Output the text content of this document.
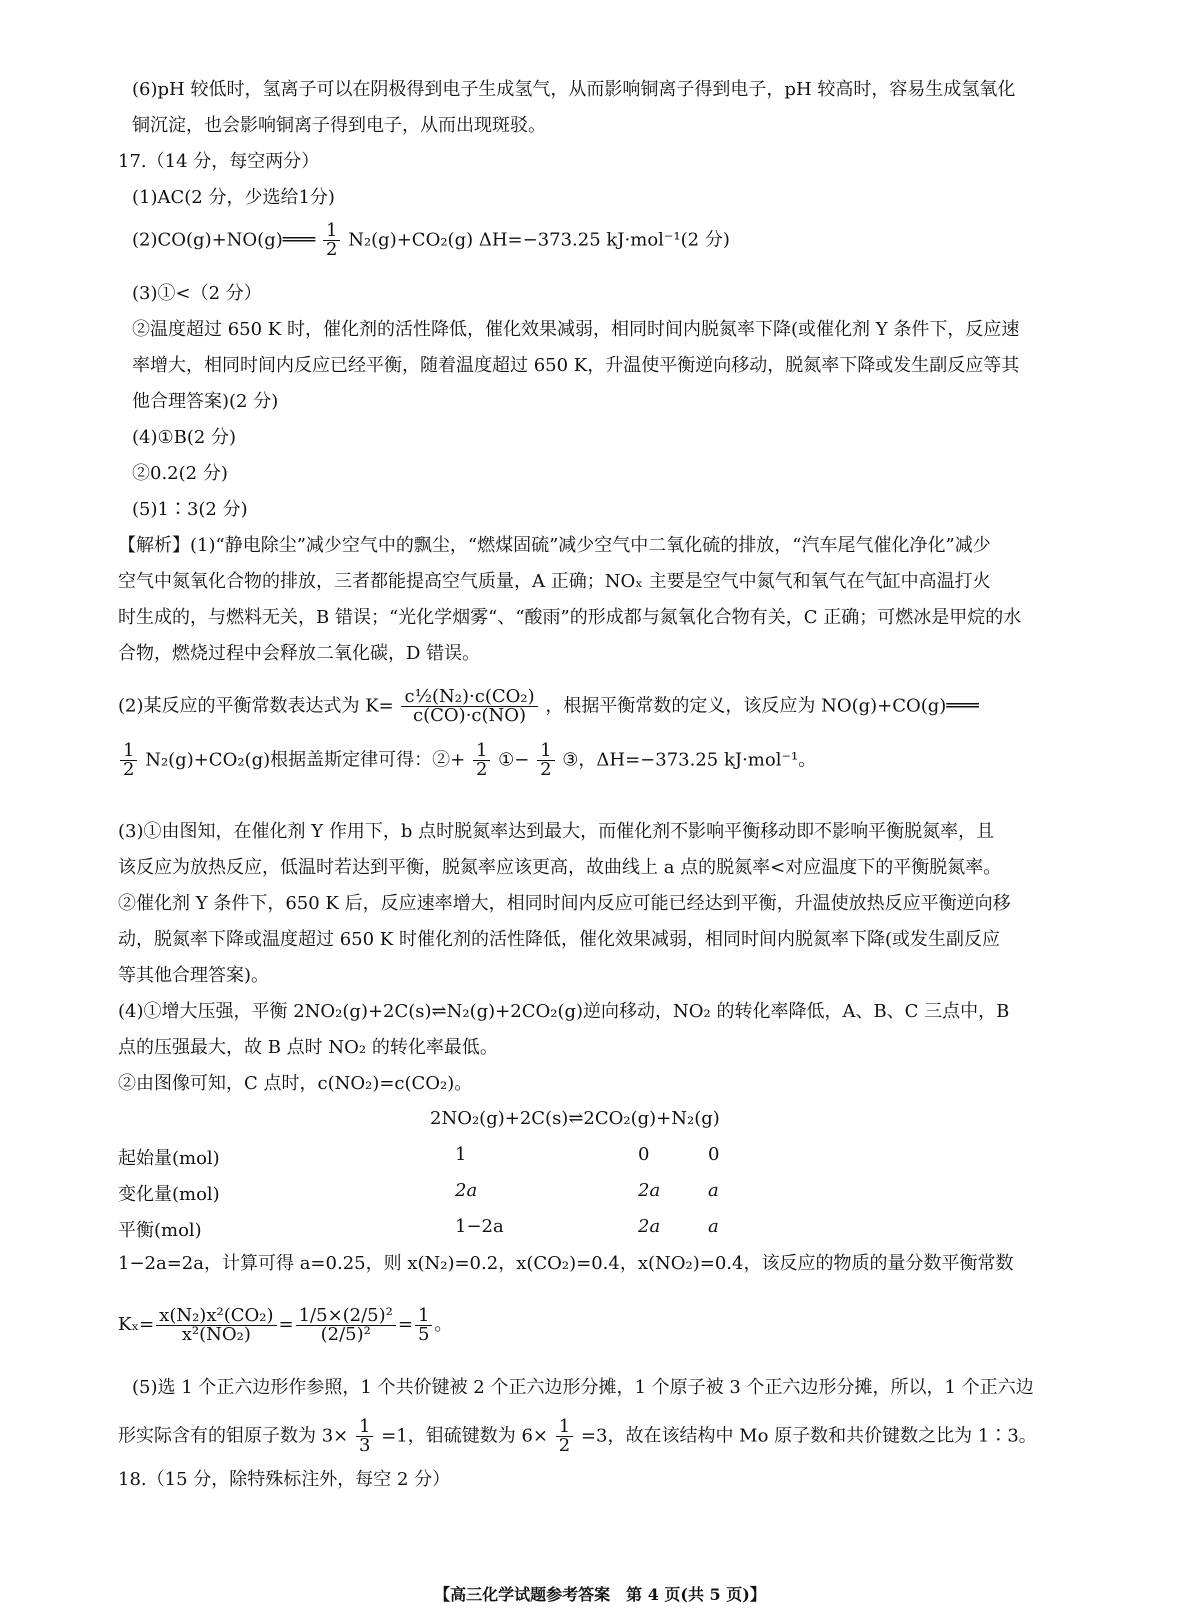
(6)pH 较低时，氢离子可以在阴极得到电子生成氢气，从而影响铜离子得到电子，pH 较高时，容易生成氢氧化
铜沉淀，也会影响铜离子得到电子，从而出现斑驳。
17.（14 分，每空两分）
(1)AC(2 分，少选给1分)
(2)CO(g)+NO(g)═══ $\frac{1}{2} N_2(g)+CO_2(g)$ ΔH=−373.25 kJ·mol⁻¹(2 分)
(3)①<（2 分）
②温度超过 650 K 时，催化剂的活性降低，催化效果减弱，相同时间内脱氮率下降(或催化剂 Y 条件下，反应速
率增大，相同时间内反应已经平衡，随着温度超过 650 K，升温使平衡逆向移动，脱氮率下降或发生副反应等其
他合理答案)(2 分)
(4)①B(2 分)
②0.2(2 分)
(5)1∶3(2 分)
【解析】(1)“静电除尘”减少空气中的飘尘，“燃煤固硫”减少空气中二氧化硫的排放，“汽车尾气催化净化”减少
空气中氮氧化合物的排放，三者都能提高空气质量，A 正确；NOₓ 主要是空气中氮气和氧气在气缸中高温打火
时生成的，与燃料无关，B 错误；“光化学烟雾“、“酸雨”的形成都与氮氧化合物有关，C 正确；可燃冰是甲烷的水
合物，燃烧过程中会释放二氧化碳，D 错误。
(2)某反应的平衡常数表达式为 $K= \frac{\text{c½(N₂)·c(CO₂)}}{c(CO)\cdot c(NO)}$ ，根据平衡常数的定义，该反应为 NO(g)+CO(g)═══
$\frac{1}{2} N_2(g)+CO_2(g)$根据盖斯定律可得：②+ $\frac{1}{2}$ ①− $\frac{1}{2}$ ③，ΔH=−373.25 kJ·mol⁻¹。
(3)①由图知，在催化剂 Y 作用下，b 点时脱氮率达到最大，而催化剂不影响平衡移动即不影响平衡脱氮率，且
该反应为放热反应，低温时若达到平衡，脱氮率应该更高，故曲线上 a 点的脱氮率<对应温度下的平衡脱氮率。
②催化剂 Y 条件下，650 K 后，反应速率增大，相同时间内反应可能已经达到平衡，升温使放热反应平衡逆向移
动，脱氮率下降或温度超过 650 K 时催化剂的活性降低，催化效果减弱，相同时间内脱氮率下降(或发生副反应
等其他合理答案)。
(4)①增大压强，平衡 2NO₂(g)+2C(s)⇌N₂(g)+2CO₂(g)逆向移动，NO₂ 的转化率降低，A、B、C 三点中，B
点的压强最大，故 B 点时 NO₂ 的转化率最低。
②由图像可知，C 点时，c(NO₂)=c(CO₂)。
2NO₂(g)+2C(s)⇌2CO₂(g)+N₂(g)
起始量(mol)	1	0	0
变化量(mol)	2a	2a	a
平衡(mol)	1−2a	2a	a
1−2a=2a，计算可得 a=0.25，则 x(N₂)=0.2，x(CO₂)=0.4，x(NO₂)=0.4，该反应的物质的量分数平衡常数
$K_x= \frac{\text{x(N₂)x²(CO₂)}}{\text{x²(NO₂)}} = \frac{\text{1/5×(2/5)²}}{\text{(2/5)²}} = \frac{1}{5}$ 。
(5)选 1 个正六边形作参照，1 个共价键被 2 个正六边形分摊，1 个原子被 3 个正六边形分摊，所以，1 个正六边
形实际含有的钼原子数为 $3\times \frac{1}{3} =1$，钼硫键数为 $6\times \frac{1}{2} =3$，故在该结构中 Mo 原子数和共价键数之比为 1∶3。
18.（15 分，除特殊标注外，每空 2 分）
【高三化学试题参考答案　第 4 页(共 5 页)】
